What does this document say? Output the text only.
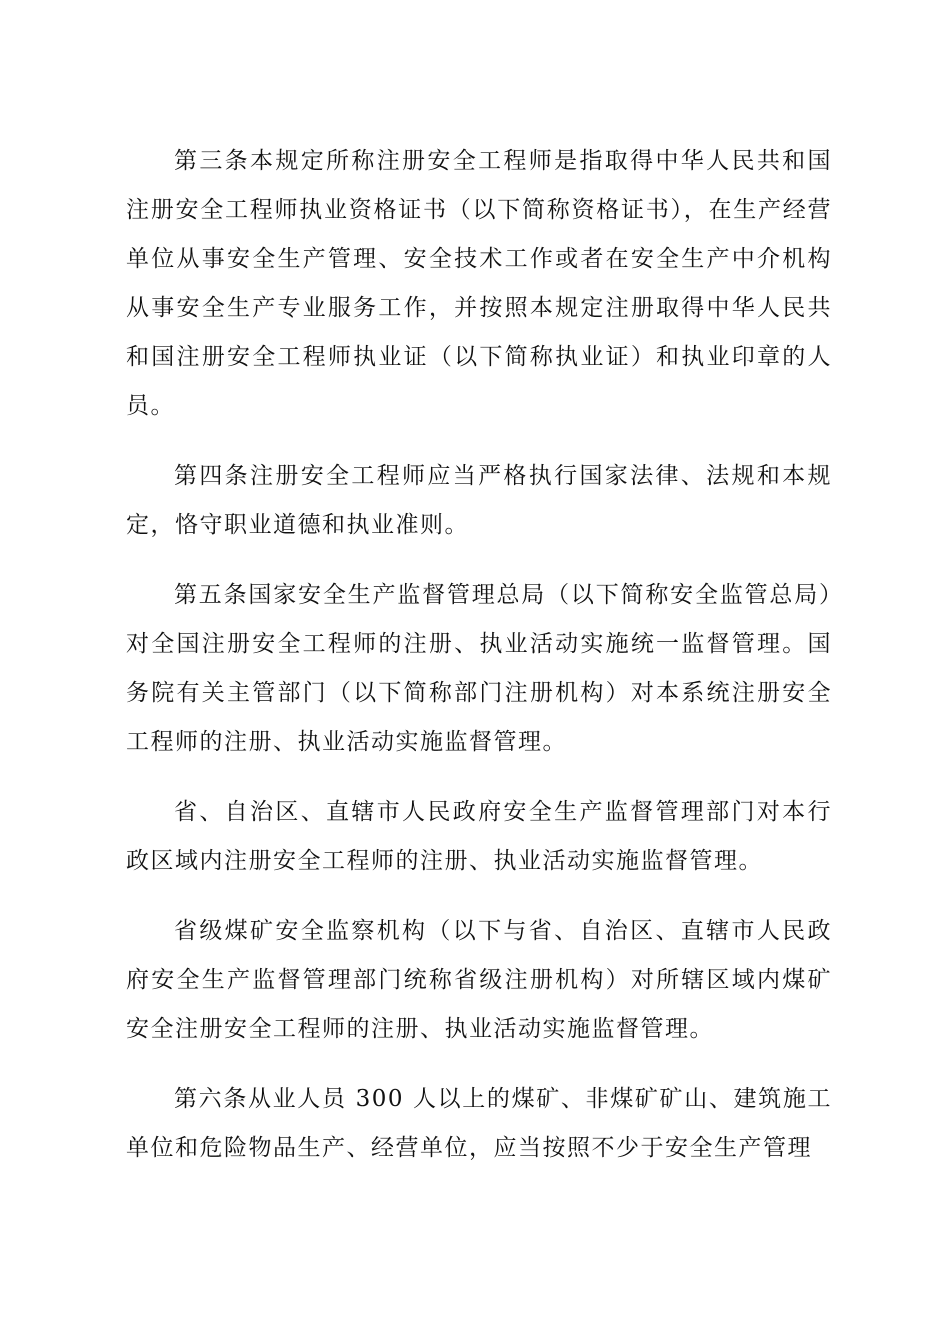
第三条本规定所称注册安全工程师是指取得中华人民共和国注册安全工程师执业资格证书（以下简称资格证书），在生产经营单位从事安全生产管理、安全技术工作或者在安全生产中介机构从事安全生产专业服务工作，并按照本规定注册取得中华人民共和国注册安全工程师执业证（以下简称执业证）和执业印章的人员。

第四条注册安全工程师应当严格执行国家法律、法规和本规定，恪守职业道德和执业准则。

第五条国家安全生产监督管理总局（以下简称安全监管总局）对全国注册安全工程师的注册、执业活动实施统一监督管理。国务院有关主管部门（以下简称部门注册机构）对本系统注册安全工程师的注册、执业活动实施监督管理。

省、自治区、直辖市人民政府安全生产监督管理部门对本行政区域内注册安全工程师的注册、执业活动实施监督管理。

省级煤矿安全监察机构（以下与省、自治区、直辖市人民政府安全生产监督管理部门统称省级注册机构）对所辖区域内煤矿安全注册安全工程师的注册、执业活动实施监督管理。

第六条从业人员 300 人以上的煤矿、非煤矿矿山、建筑施工单位和危险物品生产、经营单位，应当按照不少于安全生产管理
